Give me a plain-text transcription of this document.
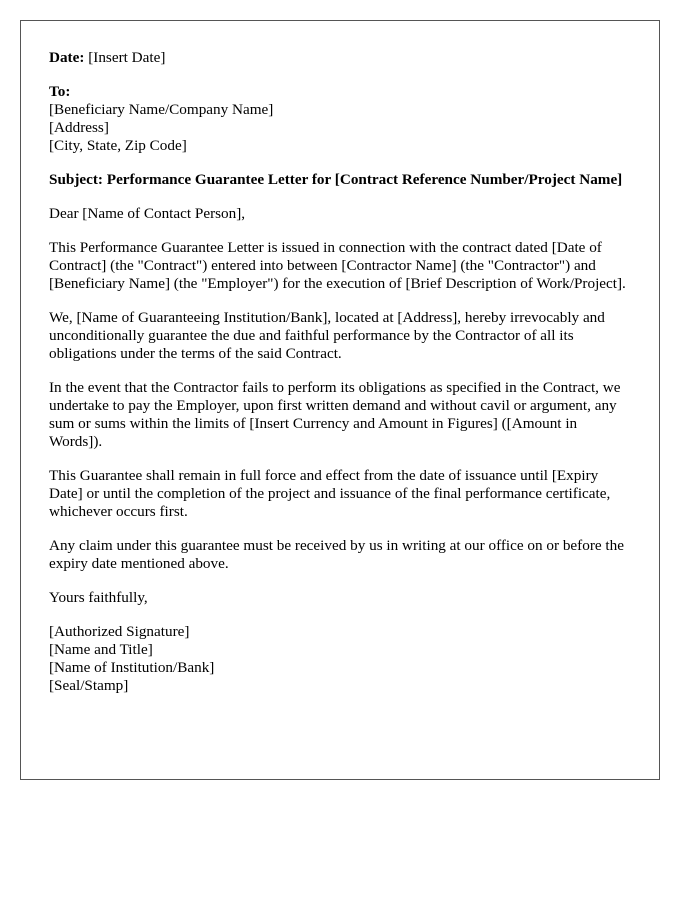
Date: [Insert Date]
To:
[Beneficiary Name/Company Name]
[Address]
[City, State, Zip Code]
Subject: Performance Guarantee Letter for [Contract Reference Number/Project Name]
Dear [Name of Contact Person],
This Performance Guarantee Letter is issued in connection with the contract dated [Date of Contract] (the "Contract") entered into between [Contractor Name] (the "Contractor") and [Beneficiary Name] (the "Employer") for the execution of [Brief Description of Work/Project].
We, [Name of Guaranteeing Institution/Bank], located at [Address], hereby irrevocably and unconditionally guarantee the due and faithful performance by the Contractor of all its obligations under the terms of the said Contract.
In the event that the Contractor fails to perform its obligations as specified in the Contract, we undertake to pay the Employer, upon first written demand and without cavil or argument, any sum or sums within the limits of [Insert Currency and Amount in Figures] ([Amount in Words]).
This Guarantee shall remain in full force and effect from the date of issuance until [Expiry Date] or until the completion of the project and issuance of the final performance certificate, whichever occurs first.
Any claim under this guarantee must be received by us in writing at our office on or before the expiry date mentioned above.
Yours faithfully,
[Authorized Signature]
[Name and Title]
[Name of Institution/Bank]
[Seal/Stamp]
